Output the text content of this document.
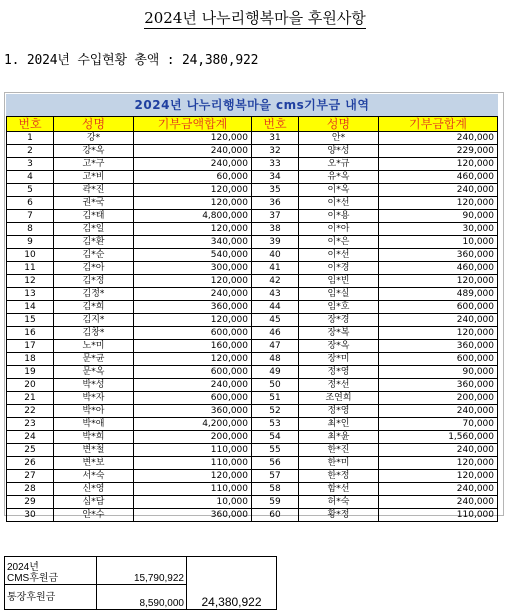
2024년 나누리행복마을 후원사항
1. 2024년 수입현황 총액 : 24,380,922
2024년 나누리행복마을 cms기부금 내역
번호	성명	기부금액합계	번호	성명	기부금합계
1	강*	120,000	31	안*	240,000
2	강*옥	240,000	32	양*성	229,000
3	고*구	240,000	33	오*규	120,000
4	고*비	60,000	34	유*옥	460,000
5	곽*진	120,000	35	이*옥	240,000
6	권*국	120,000	36	이*선	120,000
7	김*태	4,800,000	37	이*용	90,000
8	김*일	120,000	38	이*아	30,000
9	김*환	340,000	39	이*은	10,000
10	김*순	540,000	40	이*선	360,000
11	김*아	300,000	41	이*경	460,000
12	김*정	120,000	42	임*빈	120,000
13	김정*	240,000	43	임*실	489,000
14	김*희	360,000	44	임*호	600,000
15	김지*	120,000	45	장*경	240,000
16	김창*	600,000	46	장*복	120,000
17	노*미	160,000	47	장*옥	360,000
18	문*균	120,000	48	장*미	600,000
19	문*옥	600,000	49	정*영	90,000
20	박*성	240,000	50	정*선	360,000
21	박*자	600,000	51	조연희	200,000
22	박*아	360,000	52	정*영	240,000
23	박*애	4,200,000	53	최*인	70,000
24	박*희	200,000	54	최*윤	1,560,000
25	변*철	110,000	55	한*진	240,000
26	변*보	110,000	56	한*미	120,000
27	서*숙	120,000	57	한*정	120,000
28	신*영	110,000	58	함*선	240,000
29	심*담	10,000	59	허*숙	240,000
30	안*수	360,000	60	황*정	110,000
2024년
CMS후원금	15,790,922	24,380,922
통장후원금	8,590,000	
